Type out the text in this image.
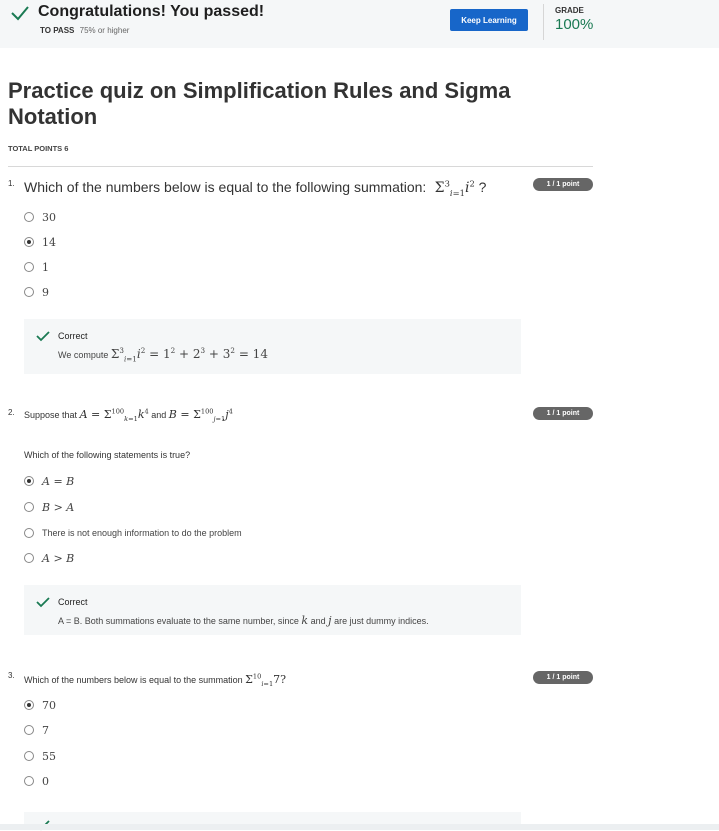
Congratulations! You passed!
TO PASS 75% or higher
Keep Learning
GRADE
100%
Practice quiz on Simplification Rules and Sigma Notation
TOTAL POINTS 6
1. Which of the numbers below is equal to the following summation:  $\Sigma^3_{i=1}i^2$ ?	1 / 1 point
30
14
1
9
Correct
We compute $\Sigma^3_{i=1}i^2 = 1^2 + 2^3 + 3^2 = 14$
2. Suppose that $A = \Sigma^{100}_{k=1}k^4$ and $B = \Sigma^{100}_{j=1}j^4$	1 / 1 point
Which of the following statements is true?
A = B
B > A
There is not enough information to do the problem
A > B
Correct
A = B. Both summations evaluate to the same number, since k and j are just dummy indices.
3. Which of the numbers below is equal to the summation $\Sigma^{10}_{i=1}7$?	1 / 1 point
70
7
55
0
